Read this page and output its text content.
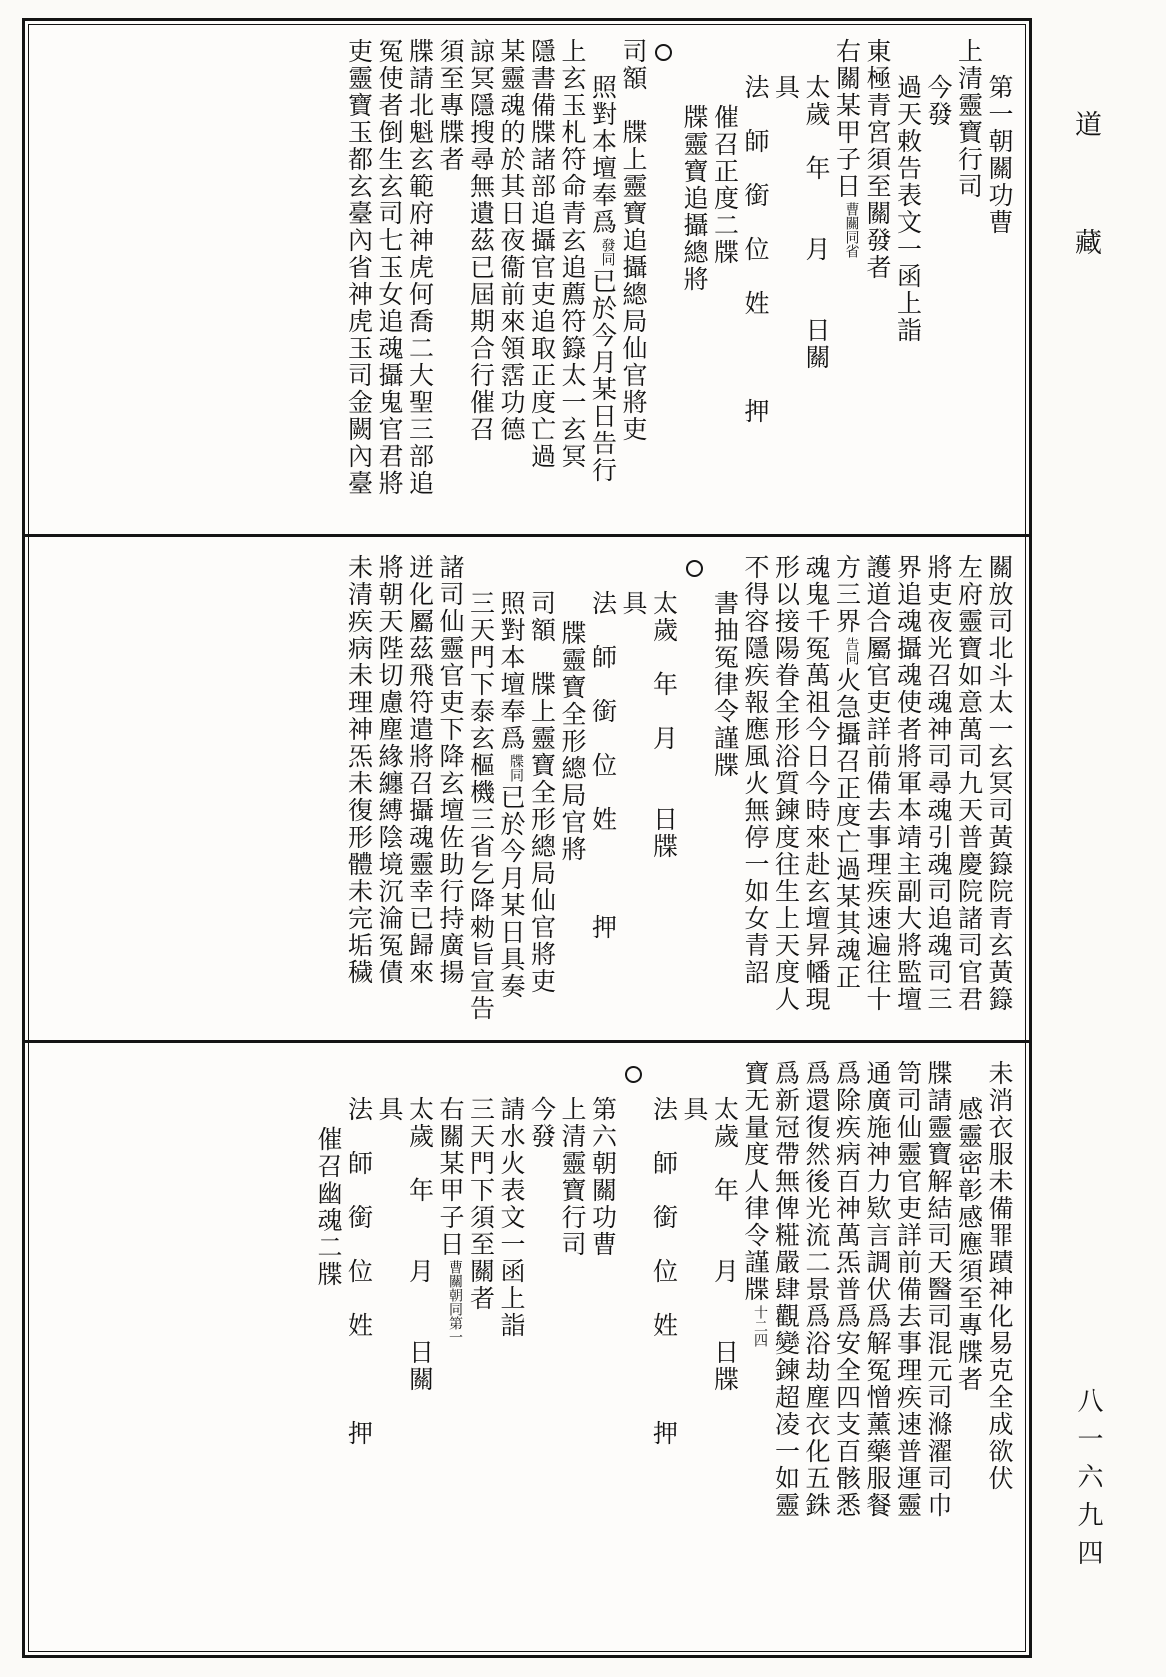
第一朝關功曹
上清靈寶行司
今發
過天敕告表文一函上詣
東極青宮須至關發者
右關某甲子日
同省
曹關
太歲　年　　月　　日關
具
法　師　銜　位　姓　　　押
催召正度二牒
牒靈寶追攝總將
司額　牒上靈寶追攝總局仙官將吏
照對本壇奉爲
同
發
已於今月某日告行
上玄玉札符命青玄追薦符籙太一玄冥
隱書備牒諸部追攝官吏追取正度亡過
某靈魂的於其日夜衞前來領霑功德
諒冥隱搜尋無遺茲已屆期合行催召
須至專牒者
牒請北魁玄範府神虎何喬二大聖三部追
冤使者倒生玄司七玉女追魂攝鬼官君將
吏靈寶玉都玄臺內省神虎玉司金闕內臺
關放司北斗太一玄冥司黃籙院青玄黃籙
左府靈寶如意萬司九天普慶院諸司官君
將吏夜光召魂神司尋魂引魂司追魂司三
界追魂攝魂使者將軍本靖主副大將監壇
護道合屬官吏詳前備去事理疾速遍往十
方三界
同
告
火急攝召正度亡過某其魂正
魂鬼千冤萬祖今日今時來赴玄壇昇幡現
形以接陽眷全形浴質鍊度往生上天度人
不得容隱疾報應風火無停一如女青詔
書抽冤律令謹牒
太歲　年　月　　日牒
具
法　師　銜　位　姓　　　押
牒靈寶全形總局官將
司額　牒上靈寶全形總局仙官將吏
照對本壇奉爲
同
牒
已於今月某日具奏
三天門下泰玄樞機三省乞降勑旨宣告
諸司仙靈官吏下降玄壇佐助行持廣揚
迸化屬茲飛符遣將召攝魂靈幸已歸來
將朝天陛切慮塵緣纏縛陰境沉淪冤債
未清疾病未理神炁未復形體未完垢穢
未消衣服未備罪蹟神化易克全成欲伏
感靈密彰感應須至專牒者
牒請靈寶解結司天醫司混元司滌濯司巾
笥司仙靈官吏詳前備去事理疾速普運靈
通廣施神力欵言調伏爲解冤憎薰藥服餐
爲除疾病百神萬炁普爲安全四支百骸悉
爲還復然後光流二景爲浴劫塵衣化五銖
爲新冠帶無俾糚嚴肆觀變鍊超凌一如靈
寶无量度人律令謹牒
四
十二
太歲　年　　月　　日牒
具
法　師　銜　位　姓　　　押
第六朝關功曹
上清靈寶行司
今發
請水火表文一函上詣
三天門下須至關者
右關某甲子日
同第一
曹關朝
太歲　年　　月　　日關
具
法　師　銜　位　姓　　　押
催召幽魂二牒
道 藏
八一六九四
